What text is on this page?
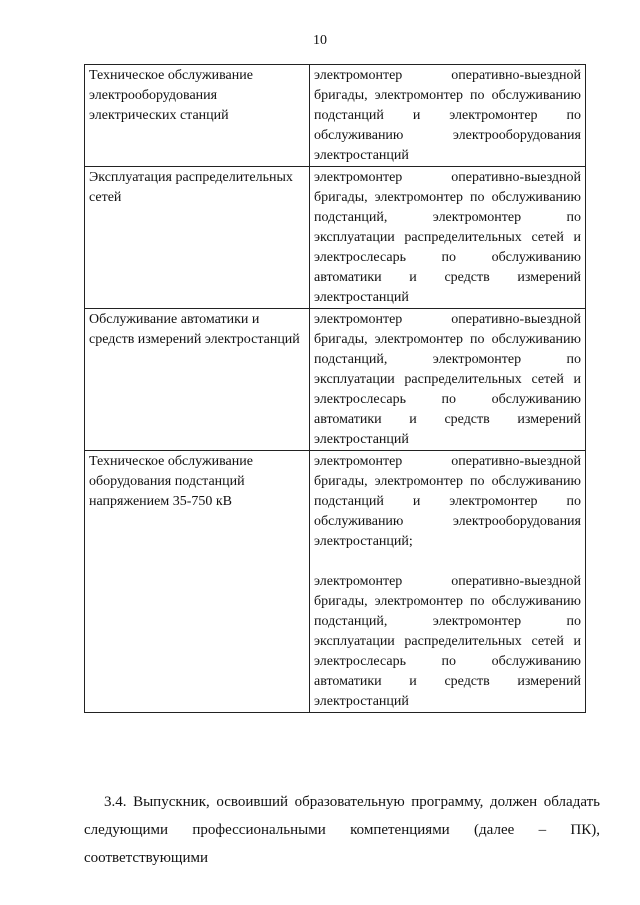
10

Техническое обслуживание электрооборудования электрических станций	электромонтер оперативно-выездной бригады, электромонтер по обслуживанию подстанций и электромонтер по обслуживанию электрооборудования электростанций

Эксплуатация распределительных сетей	электромонтер оперативно-выездной бригады, электромонтер по обслуживанию подстанций, электромонтер по эксплуатации распределительных сетей и электрослесарь по обслуживанию автоматики и средств измерений электростанций

Обслуживание автоматики и средств измерений электростанций	электромонтер оперативно-выездной бригады, электромонтер по обслуживанию подстанций, электромонтер по эксплуатации распределительных сетей и электрослесарь по обслуживанию автоматики и средств измерений электростанций

Техническое обслуживание оборудования подстанций напряжением 35-750 кВ	электромонтер оперативно-выездной бригады, электромонтер по обслуживанию подстанций и электромонтер по обслуживанию электрооборудования электростанций;

электромонтер оперативно-выездной бригады, электромонтер по обслуживанию подстанций, электромонтер по эксплуатации распределительных сетей и электрослесарь по обслуживанию автоматики и средств измерений электростанций

3.4. Выпускник, освоивший образовательную программу, должен обладать следующими профессиональными компетенциями (далее – ПК), соответствующими
